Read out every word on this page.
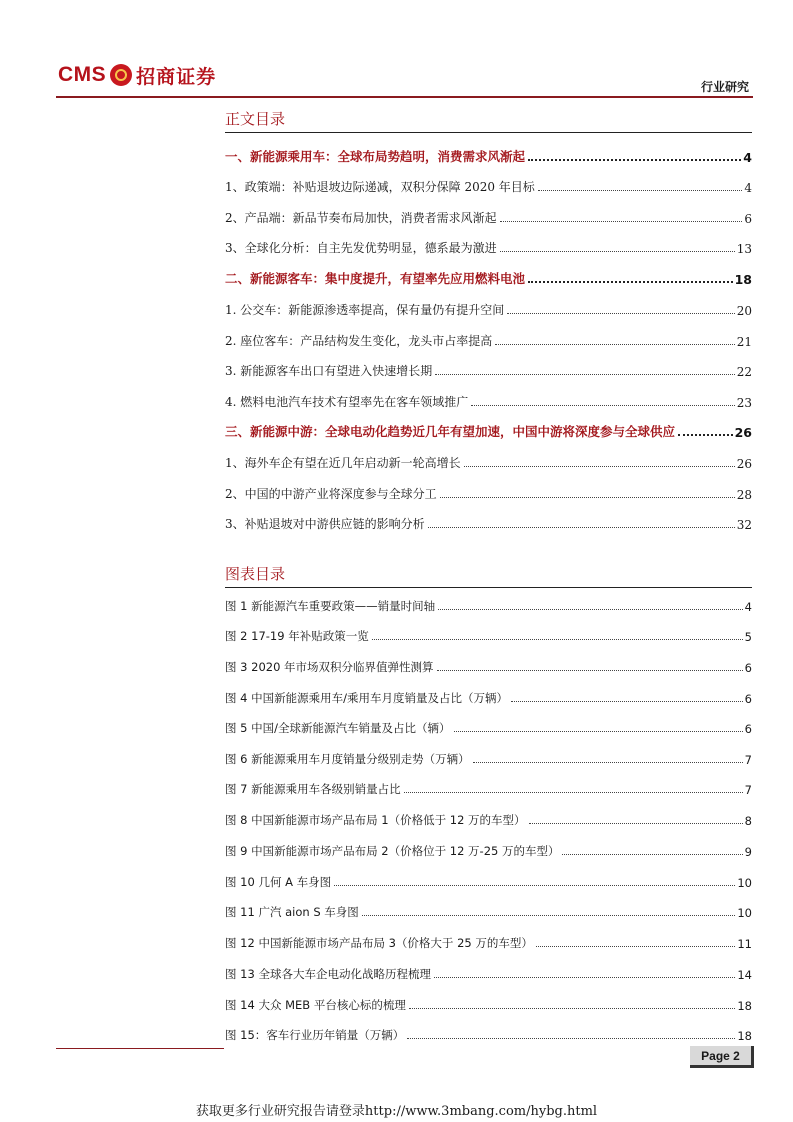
CMS 招商证券	行业研究
正文目录
一、新能源乘用车：全球布局势趋明，消费需求风渐起	4
1、政策端：补贴退坡边际递减，双积分保障 2020 年目标	4
2、产品端：新品节奏布局加快，消费者需求风渐起	6
3、全球化分析：自主先发优势明显，德系最为激进	13
二、新能源客车：集中度提升，有望率先应用燃料电池	18
1. 公交车：新能源渗透率提高，保有量仍有提升空间	20
2. 座位客车：产品结构发生变化，龙头市占率提高	21
3. 新能源客车出口有望进入快速增长期	22
4. 燃料电池汽车技术有望率先在客车领域推广	23
三、新能源中游：全球电动化趋势近几年有望加速，中国中游将深度参与全球供应	26
1、海外车企有望在近几年启动新一轮高增长	26
2、中国的中游产业将深度参与全球分工	28
3、补贴退坡对中游供应链的影响分析	32
图表目录
图 1 新能源汽车重要政策——销量时间轴	4
图 2 17-19 年补贴政策一览	5
图 3 2020 年市场双积分临界值弹性测算	6
图 4 中国新能源乘用车/乘用车月度销量及占比（万辆）	6
图 5 中国/全球新能源汽车销量及占比（辆）	6
图 6 新能源乘用车月度销量分级别走势（万辆）	7
图 7 新能源乘用车各级别销量占比	7
图 8 中国新能源市场产品布局 1（价格低于 12 万的车型）	8
图 9 中国新能源市场产品布局 2（价格位于 12 万-25 万的车型）	9
图 10 几何 A 车身图	10
图 11 广汽 aion S 车身图	10
图 12 中国新能源市场产品布局 3（价格大于 25 万的车型）	11
图 13 全球各大车企电动化战略历程梳理	14
图 14 大众 MEB 平台核心标的梳理	18
图 15：客车行业历年销量（万辆）	18
Page 2
获取更多行业研究报告请登录http://www.3mbang.com/hybg.html
